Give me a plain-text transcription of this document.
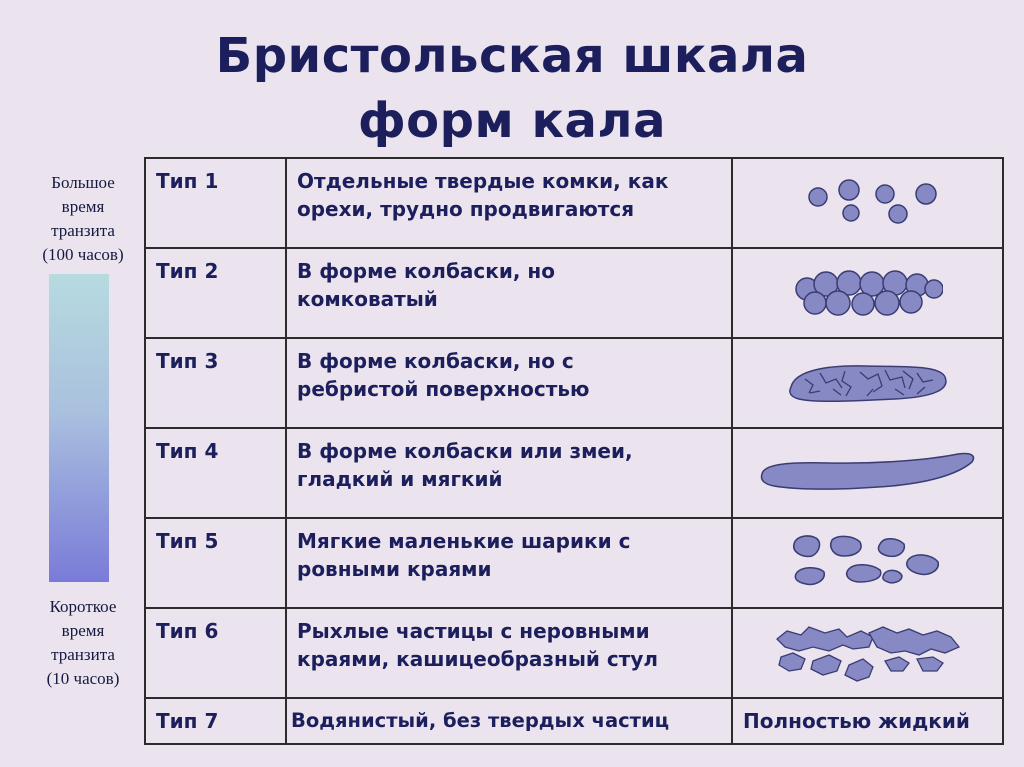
Бристольская шкала
форм кала
Большое
время
транзита
(100 часов)
Короткое
время
транзита
(10 часов)
Тип 1	Отдельные твердые комки, как
орехи, трудно продвигаются

Тип 2	В форме колбаски, но
комковатый

Тип 3	В форме колбаски, но с
ребристой поверхностью

Тип 4	В форме колбаски или змеи,
гладкий и мягкий

Тип 5	Мягкие маленькие шарики с
ровными краями

Тип 6	Рыхлые частицы с неровными
краями, кашицеобразный стул

Тип 7	Водянистый, без твердых частиц	Полностью жидкий
